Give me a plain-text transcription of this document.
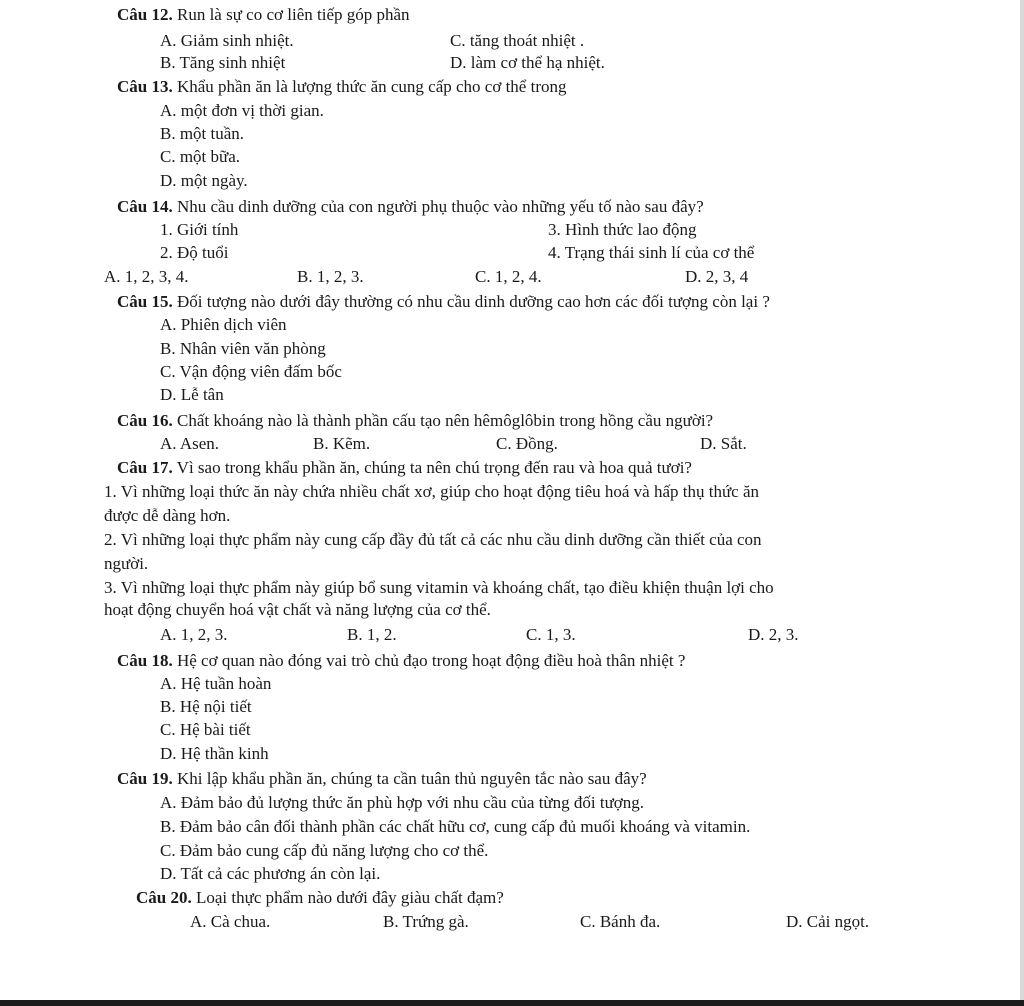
Câu 12. Run là sự co cơ liên tiếp góp phần
A. Giảm sinh nhiệt.	C. tăng thoát nhiệt .
B. Tăng sinh nhiệt	D. làm cơ thể hạ nhiệt.
Câu 13. Khẩu phần ăn là lượng thức ăn cung cấp cho cơ thể trong
A. một đơn vị thời gian.
B. một tuần.
C. một bữa.
D. một ngày.
Câu 14. Nhu cầu dinh dưỡng của con người phụ thuộc vào những yếu tố nào sau đây?
1. Giới tính	3. Hình thức lao động
2. Độ tuổi	4. Trạng thái sinh lí của cơ thể
A. 1, 2, 3, 4.	B. 1, 2, 3.	C. 1, 2, 4.	D. 2, 3, 4
Câu 15. Đối tượng nào dưới đây thường có nhu cầu dinh dưỡng cao hơn các đối tượng còn lại ?
A. Phiên dịch viên
B. Nhân viên văn phòng
C. Vận động viên đấm bốc
D. Lễ tân
Câu 16. Chất khoáng nào là thành phần cấu tạo nên hêmôglôbin trong hồng cầu người?
A. Asen.	B. Kẽm.	C. Đồng.	D. Sắt.
Câu 17. Vì sao trong khẩu phần ăn, chúng ta nên chú trọng đến rau và hoa quả tươi?
1. Vì những loại thức ăn này chứa nhiều chất xơ, giúp cho hoạt động tiêu hoá và hấp thụ thức ăn
được dễ dàng hơn.
2. Vì những loại thực phẩm này cung cấp đầy đủ tất cả các nhu cầu dinh dưỡng cần thiết của con
người.
3. Vì những loại thực phẩm này giúp bổ sung vitamin và khoáng chất, tạo điều khiện thuận lợi cho
hoạt động chuyển hoá vật chất và năng lượng của cơ thể.
A. 1, 2, 3.	B. 1, 2.	C. 1, 3.	D. 2, 3.
Câu 18. Hệ cơ quan nào đóng vai trò chủ đạo trong hoạt động điều hoà thân nhiệt ?
A. Hệ tuần hoàn
B. Hệ nội tiết
C. Hệ bài tiết
D. Hệ thần kinh
Câu 19. Khi lập khẩu phần ăn, chúng ta cần tuân thủ nguyên tắc nào sau đây?
A. Đảm bảo đủ lượng thức ăn phù hợp với nhu cầu của từng đối tượng.
B. Đảm bảo cân đối thành phần các chất hữu cơ, cung cấp đủ muối khoáng và vitamin.
C. Đảm bảo cung cấp đủ năng lượng cho cơ thể.
D. Tất cả các phương án còn lại.
Câu 20. Loại thực phẩm nào dưới đây giàu chất đạm?
A. Cà chua.	B. Trứng gà.	C. Bánh đa.	D. Cải ngọt.
